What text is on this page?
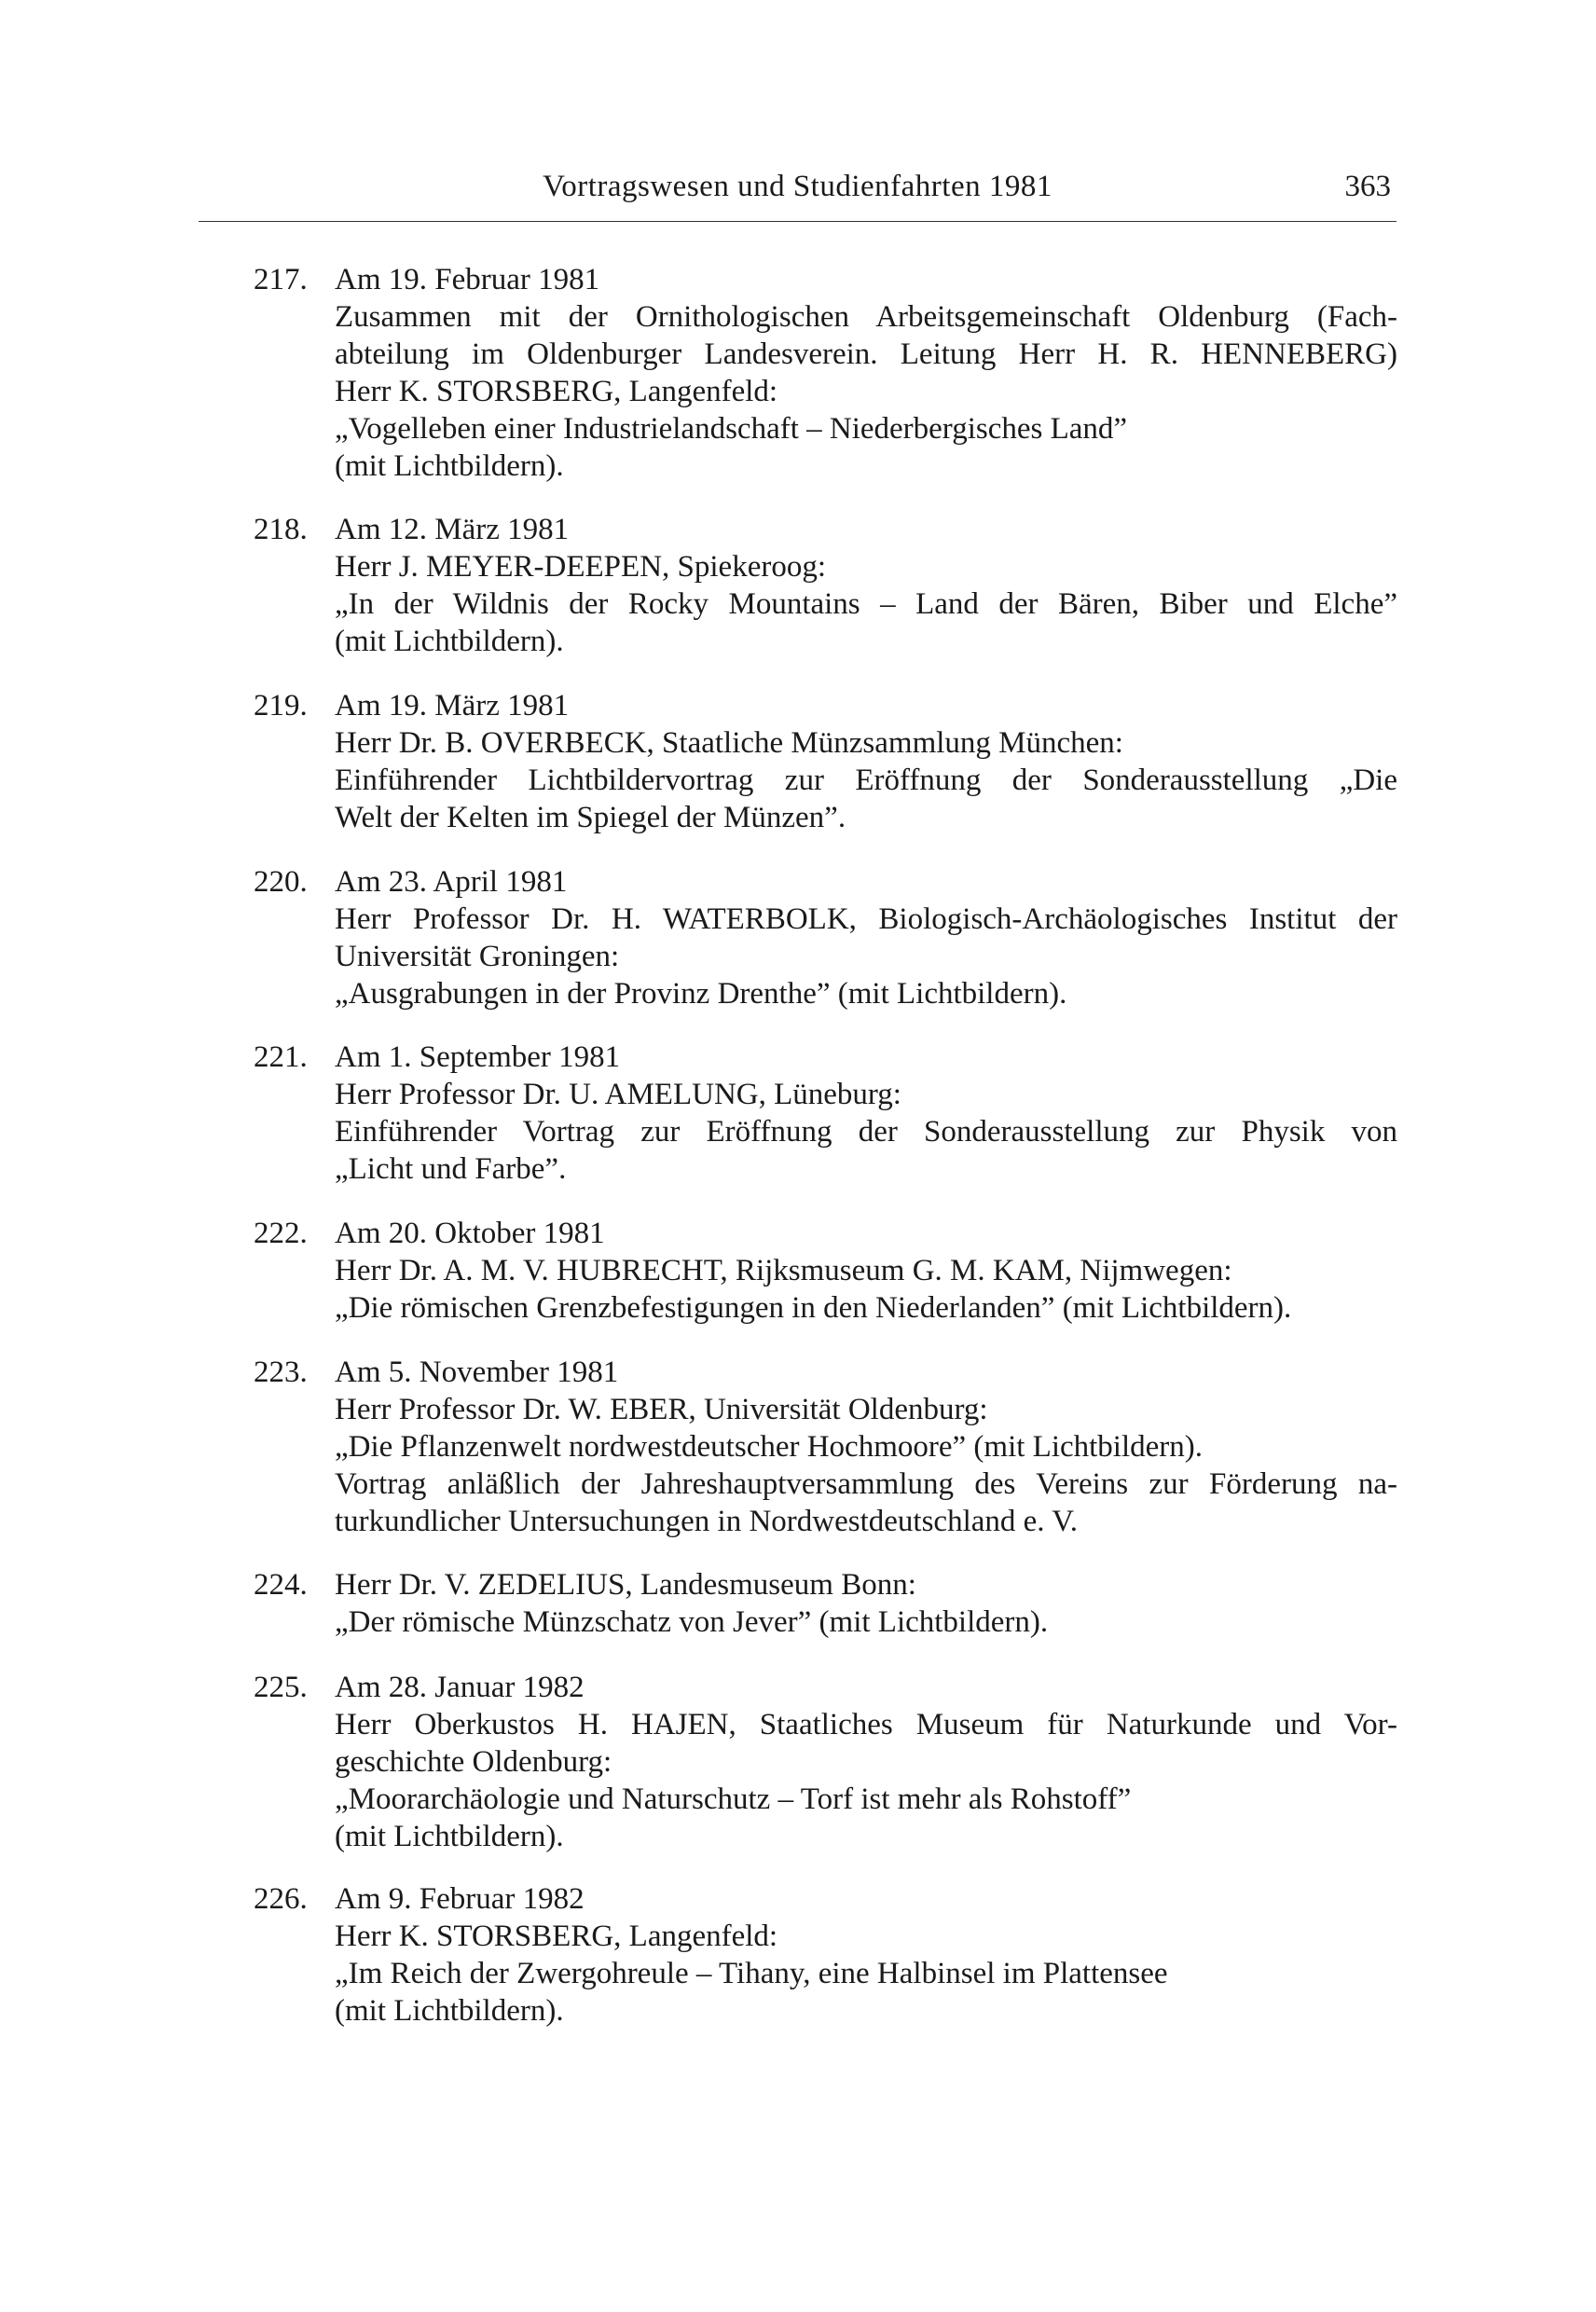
Vortragswesen und Studienfahrten 1981	363
217. Am 19. Februar 1981
Zusammen mit der Ornithologischen Arbeitsgemeinschaft Oldenburg (Fach-
abteilung im Oldenburger Landesverein. Leitung Herr H. R. HENNEBERG)
Herr K. STORSBERG, Langenfeld:
„Vogelleben einer Industrielandschaft – Niederbergisches Land”
(mit Lichtbildern).
218. Am 12. März 1981
Herr J. MEYER-DEEPEN, Spiekeroog:
„In der Wildnis der Rocky Mountains – Land der Bären, Biber und Elche”
(mit Lichtbildern).
219. Am 19. März 1981
Herr Dr. B. OVERBECK, Staatliche Münzsammlung München:
Einführender Lichtbildervortrag zur Eröffnung der Sonderausstellung „Die
Welt der Kelten im Spiegel der Münzen”.
220. Am 23. April 1981
Herr Professor Dr. H. WATERBOLK, Biologisch-Archäologisches Institut der
Universität Groningen:
„Ausgrabungen in der Provinz Drenthe” (mit Lichtbildern).
221. Am 1. September 1981
Herr Professor Dr. U. AMELUNG, Lüneburg:
Einführender Vortrag zur Eröffnung der Sonderausstellung zur Physik von
„Licht und Farbe”.
222. Am 20. Oktober 1981
Herr Dr. A. M. V. HUBRECHT, Rijksmuseum G. M. KAM, Nijmwegen:
„Die römischen Grenzbefestigungen in den Niederlanden” (mit Lichtbildern).
223. Am 5. November 1981
Herr Professor Dr. W. EBER, Universität Oldenburg:
„Die Pflanzenwelt nordwestdeutscher Hochmoore” (mit Lichtbildern).
Vortrag anläßlich der Jahreshauptversammlung des Vereins zur Förderung na-
turkundlicher Untersuchungen in Nordwestdeutschland e. V.
224. Herr Dr. V. ZEDELIUS, Landesmuseum Bonn:
„Der römische Münzschatz von Jever” (mit Lichtbildern).
225. Am 28. Januar 1982
Herr Oberkustos H. HAJEN, Staatliches Museum für Naturkunde und Vor-
geschichte Oldenburg:
„Moorarchäologie und Naturschutz – Torf ist mehr als Rohstoff”
(mit Lichtbildern).
226. Am 9. Februar 1982
Herr K. STORSBERG, Langenfeld:
„Im Reich der Zwergohreule – Tihany, eine Halbinsel im Plattensee
(mit Lichtbildern).
